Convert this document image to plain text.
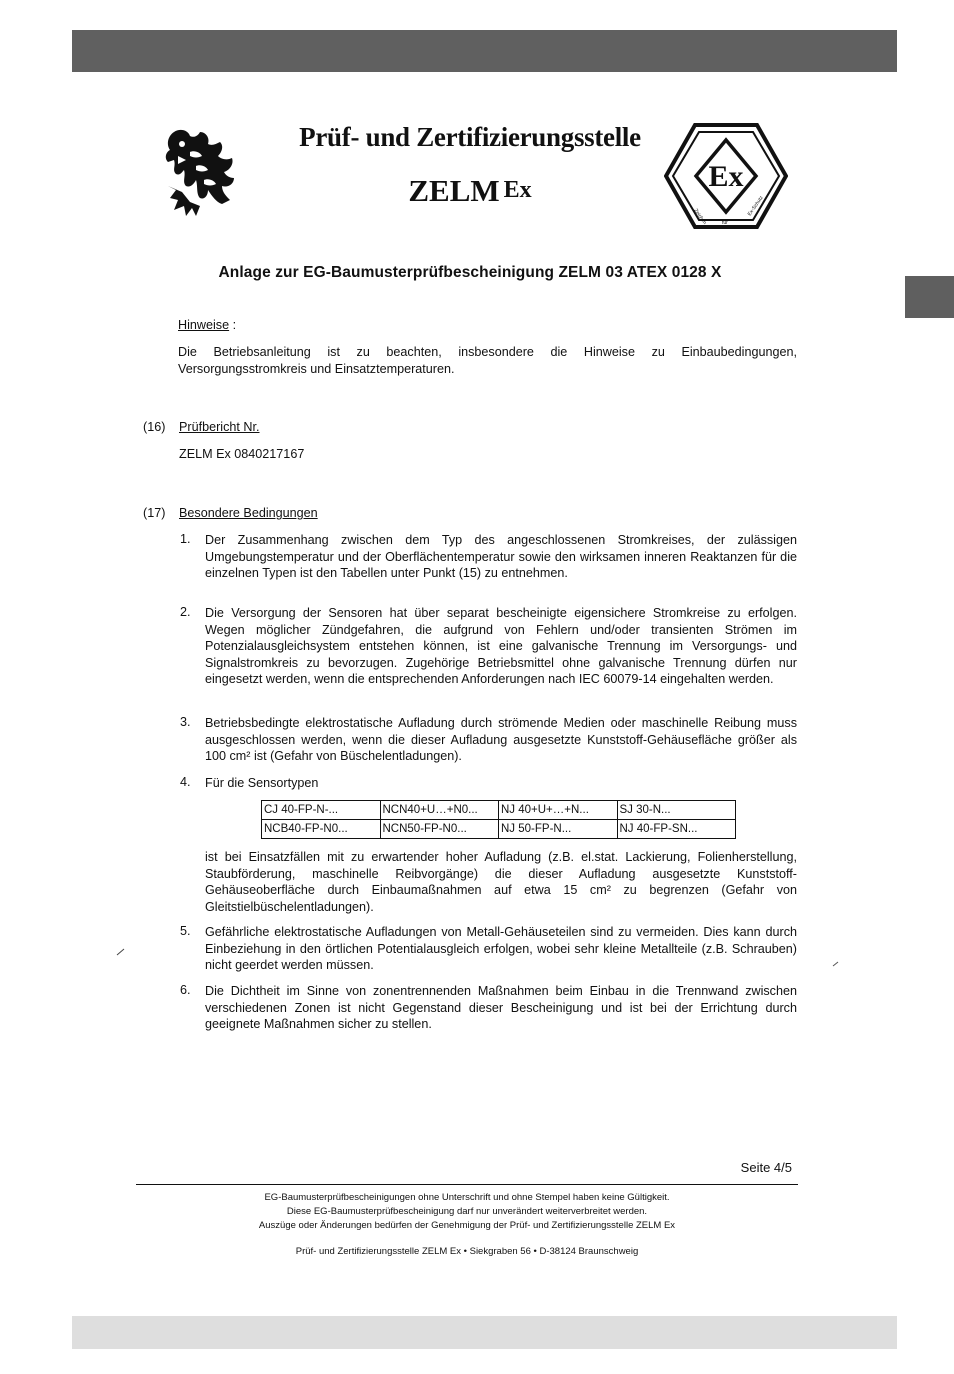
Ex
Zeichen	für
Ex-Schutz
Prüf- und Zertifizierungsstelle
ZELM Ex
Anlage zur EG-Baumusterprüfbescheinigung ZELM 03 ATEX 0128 X
Hinweise :
Die Betriebsanleitung ist zu beachten, insbesondere die Hinweise zu Einbaubedingungen, Versorgungsstromkreis und Einsatztemperaturen.
(16) Prüfbericht Nr.
ZELM Ex 0840217167
(17) Besondere Bedingungen
1. Der Zusammenhang zwischen dem Typ des angeschlossenen Stromkreises, der zulässigen Umgebungstemperatur und der Oberflächentemperatur sowie den wirksamen inneren Reaktanzen für die einzelnen Typen ist den Tabellen unter Punkt (15) zu entnehmen.
2. Die Versorgung der Sensoren hat über separat bescheinigte eigensichere Stromkreise zu erfolgen. Wegen möglicher Zündgefahren, die aufgrund von Fehlern und/oder transienten Strömen im Potenzialausgleichsystem entstehen können, ist eine galvanische Trennung im Versorgungs- und Signalstromkreis zu bevorzugen. Zugehörige Betriebsmittel ohne galvanische Trennung dürfen nur eingesetzt werden, wenn die entsprechenden Anforderungen nach IEC 60079-14 eingehalten werden.
3. Betriebsbedingte elektrostatische Aufladung durch strömende Medien oder maschinelle Reibung muss ausgeschlossen werden, wenn die dieser Aufladung ausgesetzte Kunststoff-Gehäusefläche größer als 100 cm² ist (Gefahr von Büschelentladungen).
4. Für die Sensortypen
CJ 40-FP-N-...	NCN40+U…+N0...	NJ 40+U+…+N...	SJ 30-N...
NCB40-FP-N0...	NCN50-FP-N0...	NJ 50-FP-N...	NJ 40-FP-SN...
ist bei Einsatzfällen mit zu erwartender hoher Aufladung (z.B. el.stat. Lackierung, Folienherstellung, Staubförderung, maschinelle Reibvorgänge) die dieser Aufladung ausgesetzte Kunststoff-Gehäuseoberfläche durch Einbaumaßnahmen auf etwa 15 cm² zu begrenzen (Gefahr von Gleitstielbüschelentladungen).
5. Gefährliche elektrostatische Aufladungen von Metall-Gehäuseteilen sind zu vermeiden. Dies kann durch Einbeziehung in den örtlichen Potentialausgleich erfolgen, wobei sehr kleine Metallteile (z.B. Schrauben) nicht geerdet werden müssen.
6. Die Dichtheit im Sinne von zonentrennenden Maßnahmen beim Einbau in die Trennwand zwischen verschiedenen Zonen ist nicht Gegenstand dieser Bescheinigung und ist bei der Errichtung durch geeignete Maßnahmen sicher zu stellen.
Seite 4/5
EG-Baumusterprüfbescheinigungen ohne Unterschrift und ohne Stempel haben keine Gültigkeit.
Diese EG-Baumusterprüfbescheinigung darf nur unverändert weiterverbreitet werden.
Auszüge oder Änderungen bedürfen der Genehmigung der Prüf- und Zertifizierungsstelle ZELM Ex
Prüf- und Zertifizierungsstelle ZELM Ex • Siekgraben 56 • D-38124 Braunschweig
